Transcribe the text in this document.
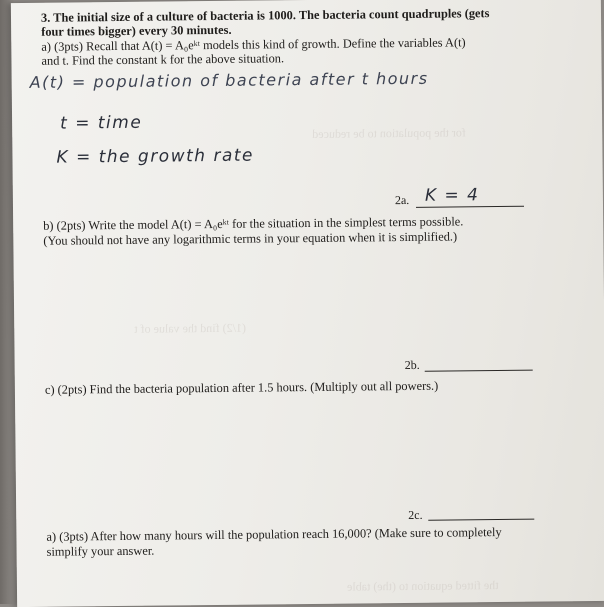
for the population to be reduced
(1/2) find the value of t
the fitted equation to (the) table
3. The initial size of a culture of bacteria is 1000. The bacteria count quadruples (gets
four times bigger) every 30 minutes.
a) (3pts) Recall that A(t) = A₀eᵏᵗ models this kind of growth. Define the variables A(t)
and t. Find the constant k for the above situation.
A(t) = population of bacteria after t hours
t = time
K = the growth rate
2a. K = 4
b) (2pts) Write the model A(t) = A₀eᵏᵗ for the situation in the simplest terms possible.
(You should not have any logarithmic terms in your equation when it is simplified.)
2b.
c) (2pts) Find the bacteria population after 1.5 hours. (Multiply out all powers.)
2c.
a) (3pts) After how many hours will the population reach 16,000? (Make sure to completely
simplify your answer.
